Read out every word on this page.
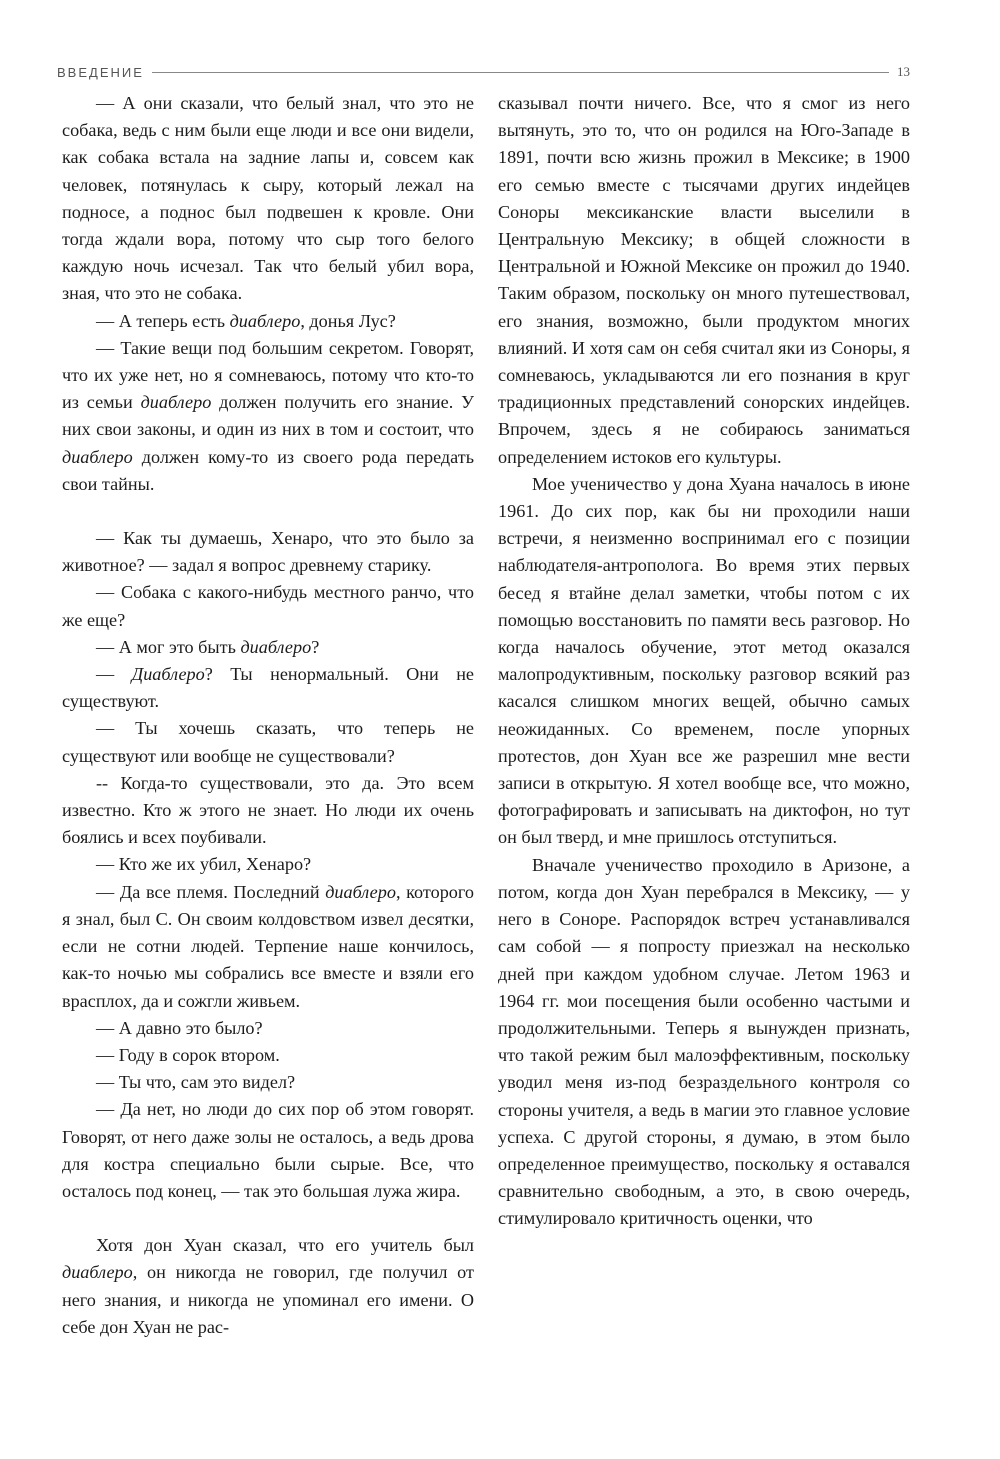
ВВЕДЕНИЕ	13

— А они сказали, что белый знал, что это не собака, ведь с ним были еще люди и все они видели, как собака встала на задние лапы и, совсем как человек, потянулась к сыру, который лежал на подносе, а поднос был подвешен к кровле. Они тогда ждали вора, потому что сыр того белого каждую ночь исчезал. Так что белый убил вора, зная, что это не собака.

— А теперь есть диаблеро, донья Лус?

— Такие вещи под большим секретом. Говорят, что их уже нет, но я сомневаюсь, потому что кто-то из семьи диаблеро должен получить его знание. У них свои законы, и один из них в том и состоит, что диаблеро должен кому-то из своего рода передать свои тайны.

— Как ты думаешь, Хенаро, что это было за животное? — задал я вопрос древнему старику.

— Собака с какого-нибудь местного ранчо, что же еще?

— А мог это быть диаблеро?

— Диаблеро? Ты ненормальный. Они не существуют.

— Ты хочешь сказать, что теперь не существуют или вообще не существовали?

-- Когда-то существовали, это да. Это всем известно. Кто ж этого не знает. Но люди их очень боялись и всех поубивали.

— Кто же их убил, Хенаро?

— Да все племя. Последний диаблеро, которого я знал, был С. Он своим колдовством извел десятки, если не сотни людей. Терпение наше кончилось, как-то ночью мы собрались все вместе и взяли его врасплох, да и сожгли живьем.

— А давно это было?

— Году в сорок втором.

— Ты что, сам это видел?

— Да нет, но люди до сих пор об этом говорят. Говорят, от него даже золы не осталось, а ведь дрова для костра специально были сырые. Все, что осталось под конец, — так это большая лужа жира.

Хотя дон Хуан сказал, что его учитель был диаблеро, он никогда не говорил, где получил от него знания, и никогда не упоминал его имени. О себе дон Хуан не рас-

сказывал почти ничего. Все, что я смог из него вытянуть, это то, что он родился на Юго-Западе в 1891, почти всю жизнь прожил в Мексике; в 1900 его семью вместе с тысячами других индейцев Соноры мексиканские власти выселили в Центральную Мексику; в общей сложности в Центральной и Южной Мексике он прожил до 1940. Таким образом, поскольку он много путешествовал, его знания, возможно, были продуктом многих влияний. И хотя сам он себя считал яки из Соноры, я сомневаюсь, укладываются ли его познания в круг традиционных представлений сонорских индейцев. Впрочем, здесь я не собираюсь заниматься определением истоков его культуры.

Мое ученичество у дона Хуана началось в июне 1961. До сих пор, как бы ни проходили наши встречи, я неизменно воспринимал его с позиции наблюдателя-антрополога. Во время этих первых бесед я втайне делал заметки, чтобы потом с их помощью восстановить по памяти весь разговор. Но когда началось обучение, этот метод оказался малопродуктивным, поскольку разговор всякий раз касался слишком многих вещей, обычно самых неожиданных. Со временем, после упорных протестов, дон Хуан все же разрешил мне вести записи в открытую. Я хотел вообще все, что можно, фотографировать и записывать на диктофон, но тут он был тверд, и мне пришлось отступиться.

Вначале ученичество проходило в Аризоне, а потом, когда дон Хуан перебрался в Мексику, — у него в Соноре. Распорядок встреч устанавливался сам собой — я попросту приезжал на несколько дней при каждом удобном случае. Летом 1963 и 1964 гг. мои посещения были особенно частыми и продолжительными. Теперь я вынужден признать, что такой режим был малоэффективным, поскольку уводил меня из-под безраздельного контроля со стороны учителя, а ведь в магии это главное условие успеха. С другой стороны, я думаю, в этом было определенное преимущество, поскольку я оставался сравнительно свободным, а это, в свою очередь, стимулировало критичность оценки, что
